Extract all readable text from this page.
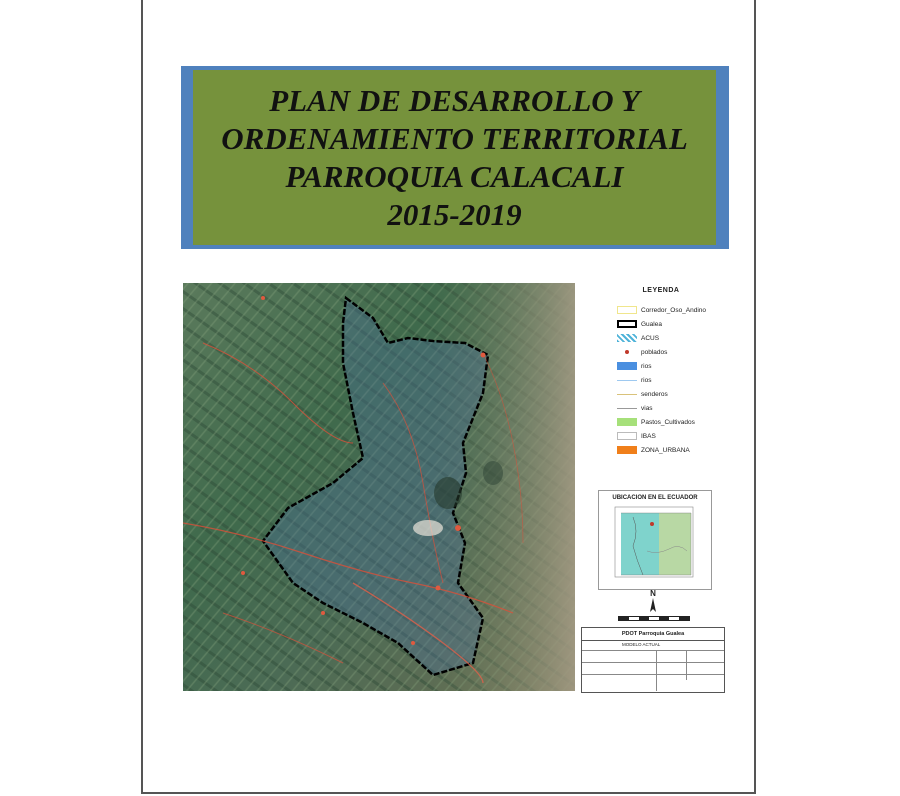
PLAN DE DESARROLLO Y
ORDENAMIENTO TERRITORIAL
PARROQUIA CALACALI
2015-2019
LEYENDA
Corredor_Oso_Andino
Gualea
ACUS
poblados
rios
rios
senderos
vias
Pastos_Cultivados
IBAS
ZONA_URBANA
UBICACION EN EL ECUADOR
N
PDOT Parroquia Gualea
MODELO ACTUAL
